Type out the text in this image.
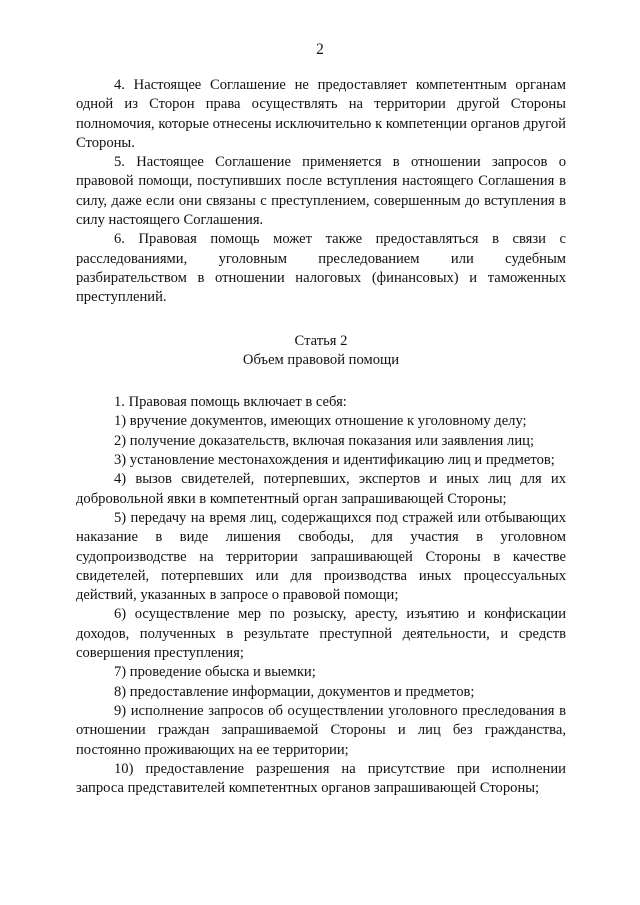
2

4. Настоящее Соглашение не предоставляет компетентным органам одной из Сторон права осуществлять на территории другой Стороны полномочия, которые отнесены исключительно к компетенции органов другой Стороны.

5. Настоящее Соглашение применяется в отношении запросов о правовой помощи, поступивших после вступления настоящего Соглашения в силу, даже если они связаны с преступлением, совершенным до вступления в силу настоящего Соглашения.

6. Правовая помощь может также предоставляться в связи с расследованиями, уголовным преследованием или судебным разбирательством в отношении налоговых (финансовых) и таможенных преступлений.

Статья 2
Объем правовой помощи

1. Правовая помощь включает в себя:

1) вручение документов, имеющих отношение к уголовному делу;

2) получение доказательств, включая показания или заявления лиц;

3) установление местонахождения и идентификацию лиц и предметов;

4) вызов свидетелей, потерпевших, экспертов и иных лиц для их добровольной явки в компетентный орган запрашивающей Стороны;

5) передачу на время лиц, содержащихся под стражей или отбывающих наказание в виде лишения свободы, для участия в уголовном судопроизводстве на территории запрашивающей Стороны в качестве свидетелей, потерпевших или для производства иных процессуальных действий, указанных в запросе о правовой помощи;

6) осуществление мер по розыску, аресту, изъятию и конфискации доходов, полученных в результате преступной деятельности, и средств совершения преступления;

7) проведение обыска и выемки;

8) предоставление информации, документов и предметов;

9) исполнение запросов об осуществлении уголовного преследования в отношении граждан запрашиваемой Стороны и лиц без гражданства, постоянно проживающих на ее территории;

10) предоставление разрешения на присутствие при исполнении запроса представителей компетентных органов запрашивающей Стороны;
